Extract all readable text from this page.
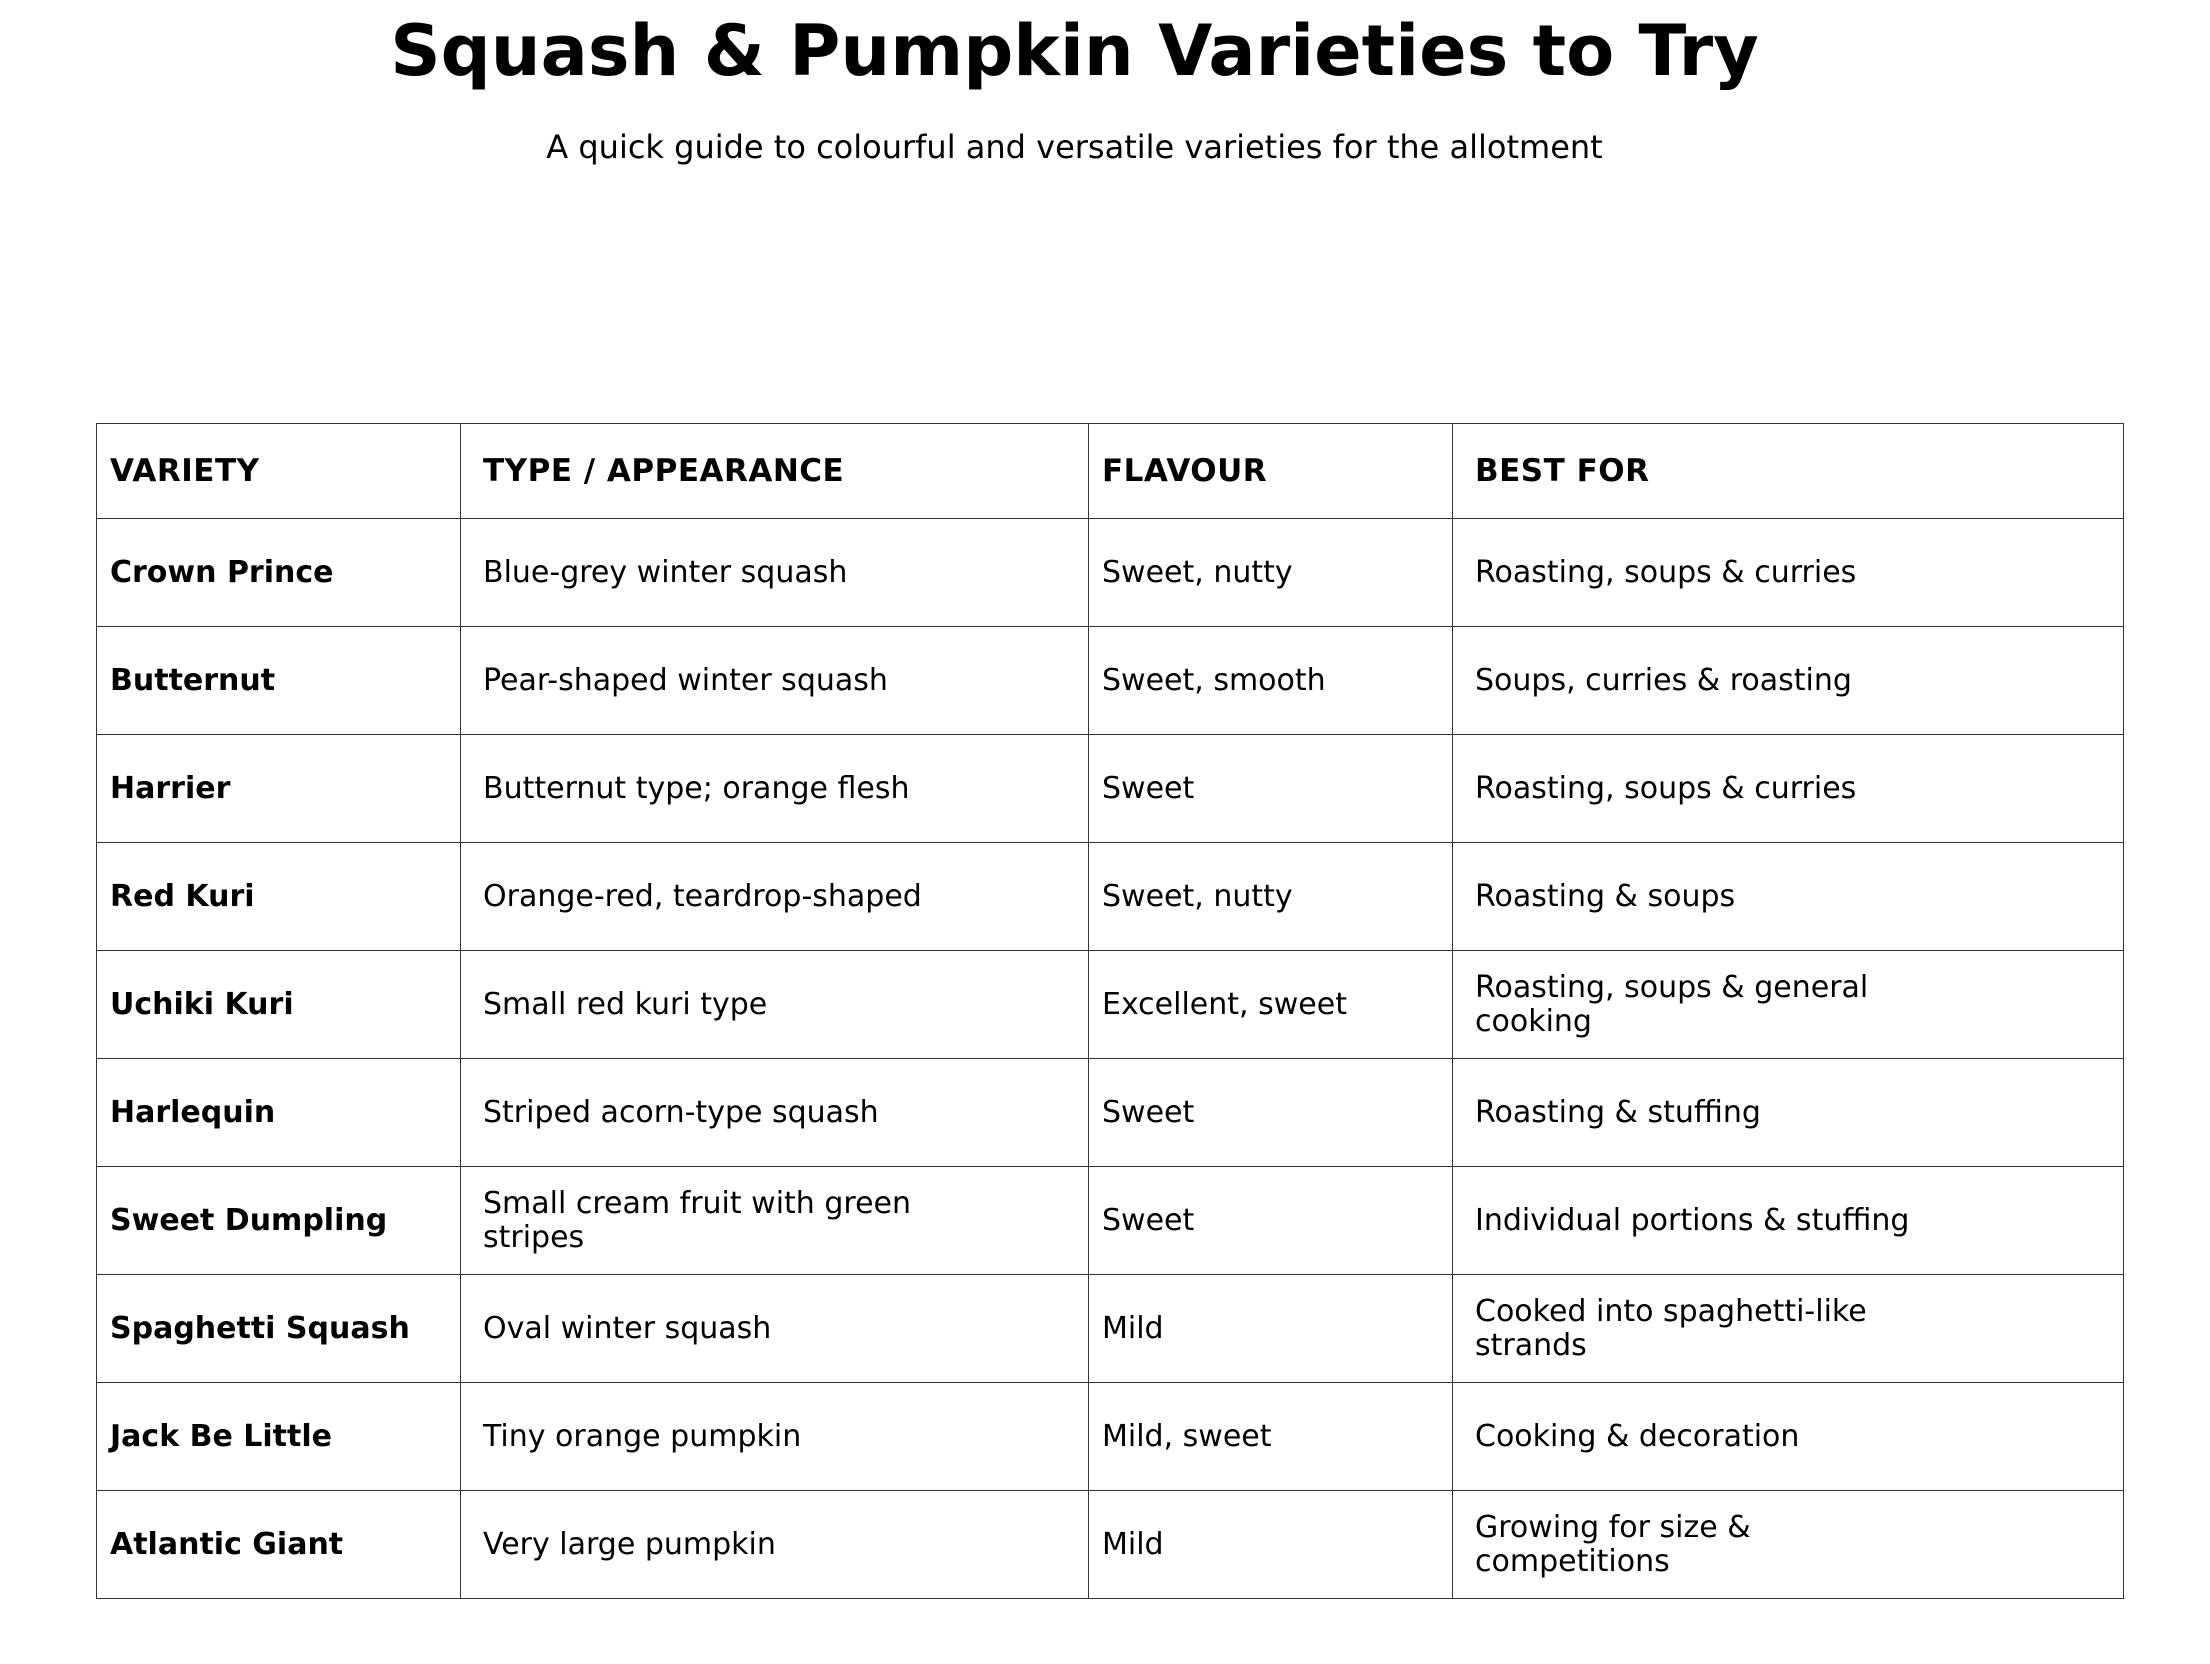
Squash & Pumpkin Varieties to Try

A quick guide to colourful and versatile varieties for the allotment

VARIETY	TYPE / APPEARANCE	FLAVOUR	BEST FOR

Crown Prince	Blue-grey winter squash	Sweet, nutty	Roasting, soups & curries

Butternut	Pear-shaped winter squash	Sweet, smooth	Soups, curries & roasting

Harrier	Butternut type; orange flesh	Sweet	Roasting, soups & curries

Red Kuri	Orange-red, teardrop-shaped	Sweet, nutty	Roasting & soups

Uchiki Kuri	Small red kuri type	Excellent, sweet	Roasting, soups & general cooking

Harlequin	Striped acorn-type squash	Sweet	Roasting & stuffing

Sweet Dumpling	Small cream fruit with green stripes	Sweet	Individual portions & stuffing

Spaghetti Squash	Oval winter squash	Mild	Cooked into spaghetti-like strands

Jack Be Little	Tiny orange pumpkin	Mild, sweet	Cooking & decoration

Atlantic Giant	Very large pumpkin	Mild	Growing for size & competitions
